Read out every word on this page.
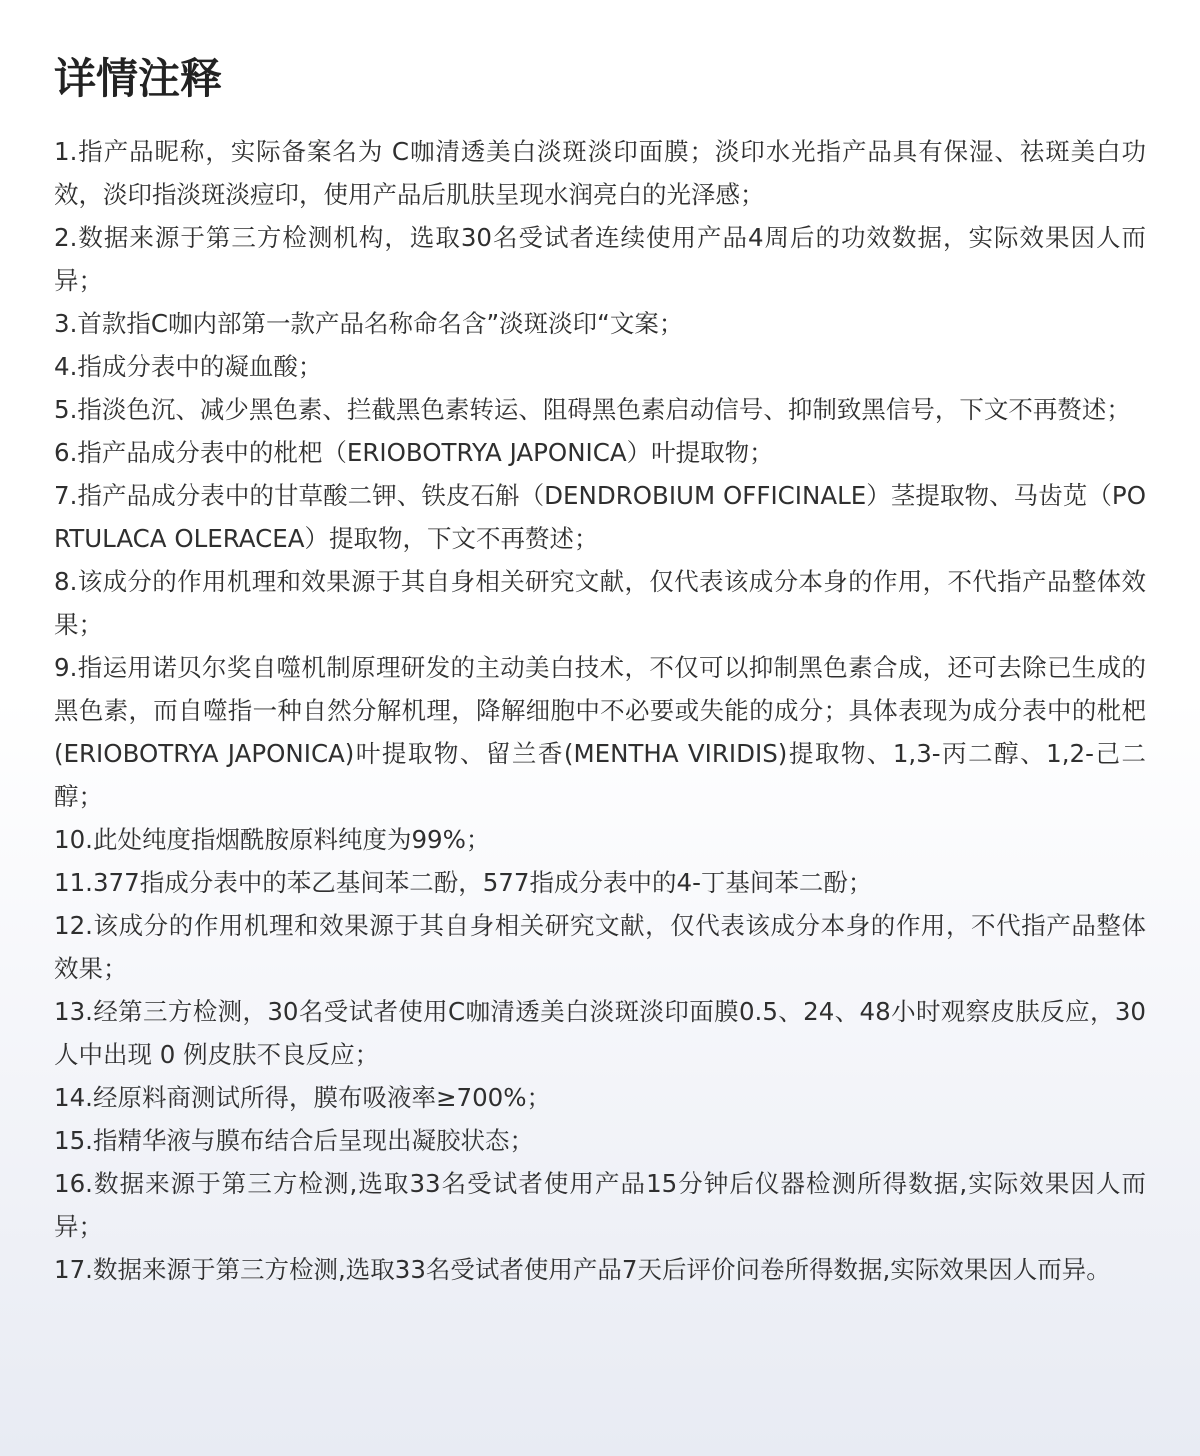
详情注释
1.指产品昵称，实际备案名为 C咖清透美白淡斑淡印面膜；淡印水光指产品具有保湿、祛斑美白功效，淡印指淡斑淡痘印，使用产品后肌肤呈现水润亮白的光泽感；
2.数据来源于第三方检测机构，选取30名受试者连续使用产品4周后的功效数据，实际效果因人而异；
3.首款指C咖内部第一款产品名称命名含”淡斑淡印“文案；
4.指成分表中的凝血酸；
5.指淡色沉、减少黑色素、拦截黑色素转运、阻碍黑色素启动信号、抑制致黑信号，下文不再赘述；
6.指产品成分表中的枇杷（ERIOBOTRYA JAPONICA）叶提取物；
7.指产品成分表中的甘草酸二钾、铁皮石斛（DENDROBIUM OFFICINALE）茎提取物、马齿苋（PORTULACA OLERACEA）提取物，下文不再赘述；
8.该成分的作用机理和效果源于其自身相关研究文献，仅代表该成分本身的作用，不代指产品整体效果；
9.指运用诺贝尔奖自噬机制原理研发的主动美白技术，不仅可以抑制黑色素合成，还可去除已生成的黑色素，而自噬指一种自然分解机理，降解细胞中不必要或失能的成分；具体表现为成分表中的枇杷(ERIOBOTRYA JAPONICA)叶提取物、留兰香(MENTHA VIRIDIS)提取物、1,3-丙二醇、1,2-己二醇；
10.此处纯度指烟酰胺原料纯度为99%；
11.377指成分表中的苯乙基间苯二酚，577指成分表中的4-丁基间苯二酚；
12.该成分的作用机理和效果源于其自身相关研究文献，仅代表该成分本身的作用，不代指产品整体效果；
13.经第三方检测，30名受试者使用C咖清透美白淡斑淡印面膜0.5、24、48小时观察皮肤反应，30 人中出现 0 例皮肤不良反应；
14.经原料商测试所得，膜布吸液率≥700%；
15.指精华液与膜布结合后呈现出凝胶状态；
16.数据来源于第三方检测,选取33名受试者使用产品15分钟后仪器检测所得数据,实际效果因人而异；
17.数据来源于第三方检测,选取33名受试者使用产品7天后评价问卷所得数据,实际效果因人而异。
